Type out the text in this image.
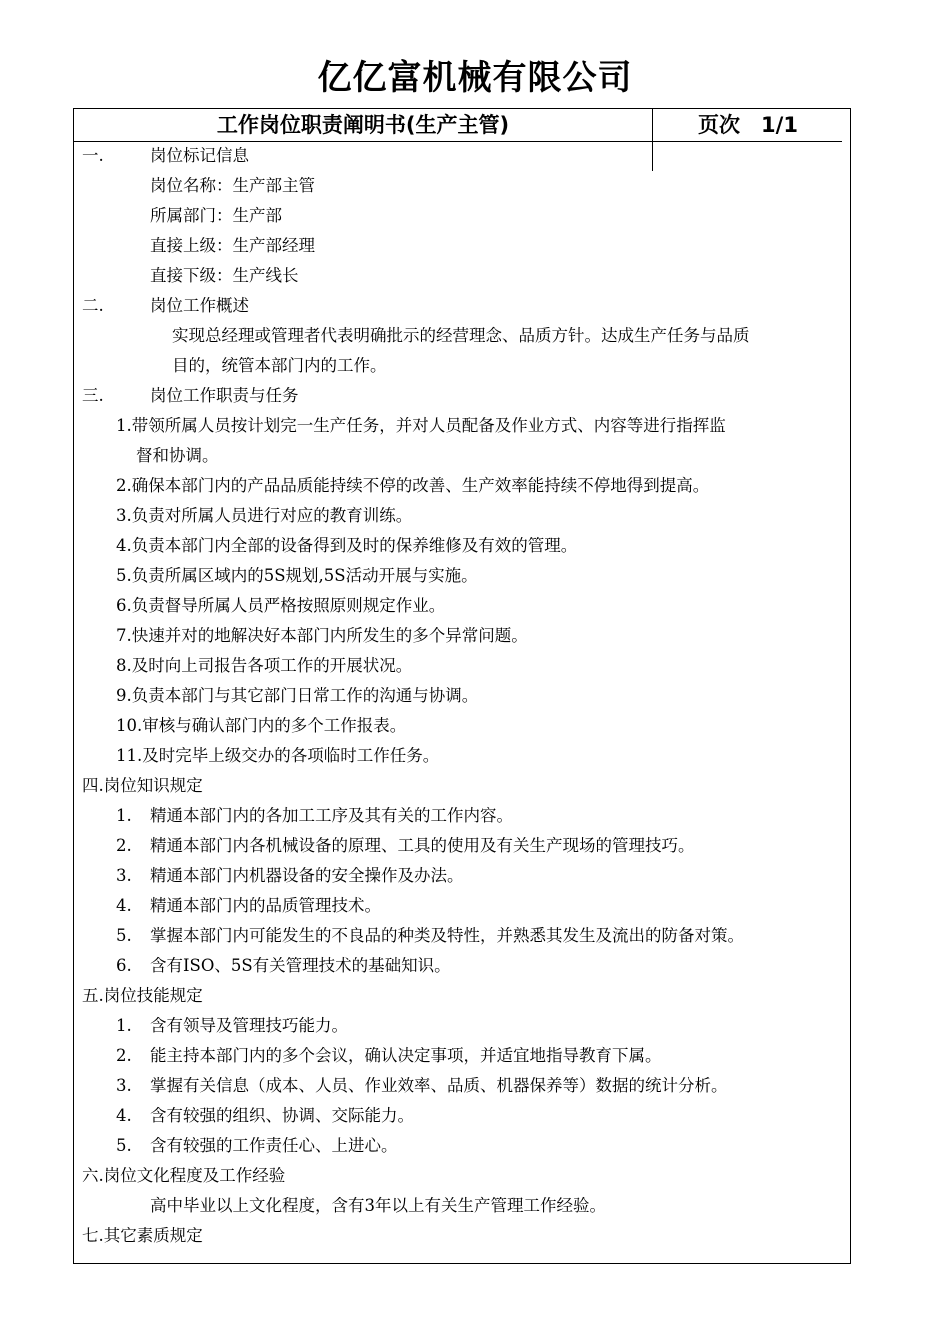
亿亿富机械有限公司
工作岗位职责阐明书(生产主管)	页次　1/1
一.	岗位标记信息
岗位名称：生产部主管
所属部门：生产部
直接上级：生产部经理
直接下级：生产线长
二.	岗位工作概述
实现总经理或管理者代表明确批示的经营理念、品质方针。达成生产任务与品质
目的，统管本部门内的工作。
三.	岗位工作职责与任务
1.带领所属人员按计划完一生产任务，并对人员配备及作业方式、内容等进行指挥监
督和协调。
2.确保本部门内的产品品质能持续不停的改善、生产效率能持续不停地得到提高。
3.负责对所属人员进行对应的教育训练。
4.负责本部门内全部的设备得到及时的保养维修及有效的管理。
5.负责所属区域内的5S规划,5S活动开展与实施。
6.负责督导所属人员严格按照原则规定作业。
7.快速并对的地解决好本部门内所发生的多个异常问题。
8.及时向上司报告各项工作的开展状况。
9.负责本部门与其它部门日常工作的沟通与协调。
10.审核与确认部门内的多个工作报表。
11.及时完毕上级交办的各项临时工作任务。
四.岗位知识规定
1. 精通本部门内的各加工工序及其有关的工作内容。
2. 精通本部门内各机械设备的原理、工具的使用及有关生产现场的管理技巧。
3. 精通本部门内机器设备的安全操作及办法。
4. 精通本部门内的品质管理技术。
5. 掌握本部门内可能发生的不良品的种类及特性，并熟悉其发生及流出的防备对策。
6. 含有ISO、5S有关管理技术的基础知识。
五.岗位技能规定
1. 含有领导及管理技巧能力。
2. 能主持本部门内的多个会议，确认决定事项，并适宜地指导教育下属。
3. 掌握有关信息（成本、人员、作业效率、品质、机器保养等）数据的统计分析。
4. 含有较强的组织、协调、交际能力。
5. 含有较强的工作责任心、上进心。
六.岗位文化程度及工作经验
高中毕业以上文化程度，含有3年以上有关生产管理工作经验。
七.其它素质规定
